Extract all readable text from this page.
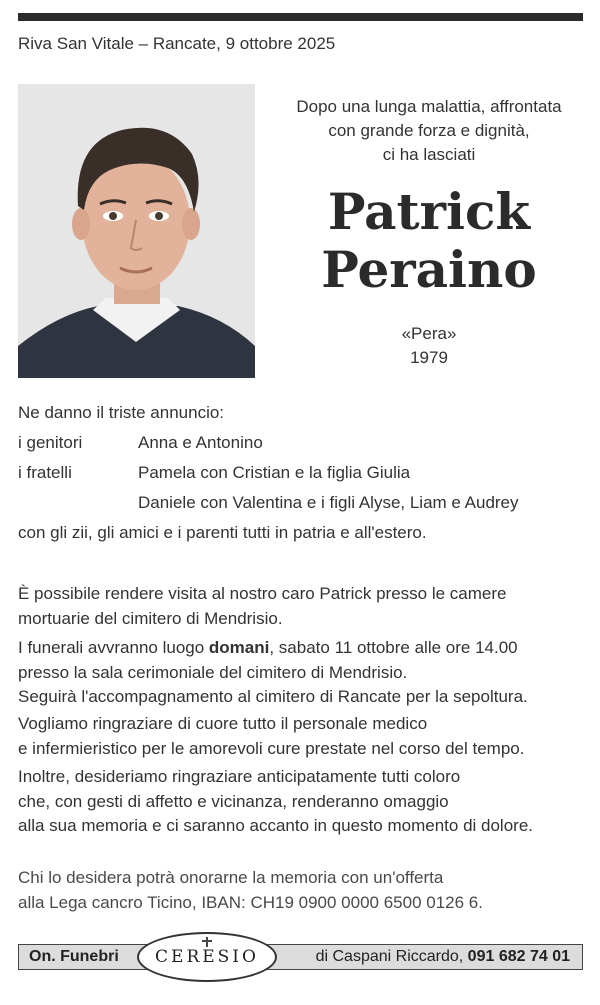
Riva San Vitale – Rancate, 9 ottobre 2025
Dopo una lunga malattia, affrontata
con grande forza e dignità,
ci ha lasciati
Patrick
Peraino
«Pera»
1979
Ne danno il triste annuncio:
i genitori	Anna e Antonino
i fratelli	Pamela con Cristian e la figlia Giulia
Daniele con Valentina e i figli Alyse, Liam e Audrey
con gli zii, gli amici e i parenti tutti in patria e all'estero.

È possibile rendere visita al nostro caro Patrick presso le camere

mortuarie del cimitero di Mendrisio.

I funerali avvranno luogo domani, sabato 11 ottobre alle ore 14.00

presso la sala cerimoniale del cimitero di Mendrisio.

Seguirà l'accompagnamento al cimitero di Rancate per la sepoltura.

Vogliamo ringraziare di cuore tutto il personale medico

e infermieristico per le amorevoli cure prestate nel corso del tempo.

Inoltre, desideriamo ringraziare anticipatamente tutti coloro

che, con gesti di affetto e vicinanza, renderanno omaggio

alla sua memoria e ci saranno accanto in questo momento di dolore.

Chi lo desidera potrà onorarne la memoria con un'offerta

alla Lega cancro Ticino, IBAN: CH19 0900 0000 6500 0126 6.

On. Funebri	di Caspani Riccardo, 091 682 74 01
CERESIO
